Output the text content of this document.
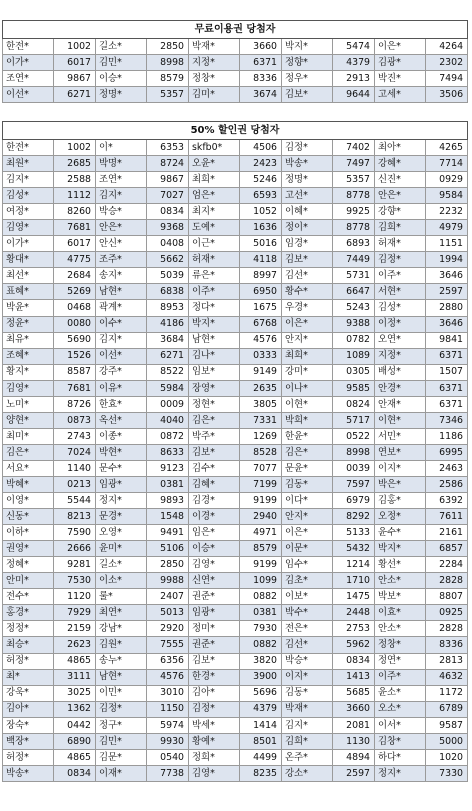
무료이용권 당첨자									
한전*	1002	길소*	2850	박재*	3660	박지*	5474	이은*	4264
이가*	6017	김민*	8998	지정*	6371	정향*	4379	김광*	2302
조연*	9867	이승*	8579	정창*	8336	정우*	2913	박진*	7494
이선*	6271	정명*	5357	김미*	3674	김보*	9644	고세*	3506
50% 할인권 당첨자									
한전*	1002	이*	6353	skfb0*	4506	김정*	7402	최아*	4265
최원*	2685	박명*	8724	오윤*	2423	박송*	7497	강혜*	7714
김지*	2588	조연*	9867	최희*	5246	정명*	5357	신진*	0929
김성*	1112	김지*	7027	엄은*	6593	고선*	8778	안은*	9584
여정*	8260	박승*	0834	최지*	1052	이혜*	9925	강향*	2232
김영*	7681	안은*	9368	도예*	1636	정이*	8778	김희*	4979
이가*	6017	안신*	0408	이근*	5016	임경*	6893	허재*	1151
황대*	4775	조주*	5662	허재*	4118	김보*	7449	김정*	1994
최선*	2684	송지*	5039	류은*	8997	김선*	5731	이주*	3646
표혜*	5269	남현*	6838	이주*	6950	황수*	6647	서현*	2597
박윤*	0468	곽계*	8953	정다*	1675	우경*	5243	김성*	2880
정윤*	0080	이수*	4186	박지*	6768	이은*	9388	이정*	3646
최유*	5690	김지*	3684	남현*	4576	안지*	0782	오연*	9841
조혜*	1526	이선*	6271	김나*	0333	최희*	1089	지정*	6371
황지*	8587	강주*	8522	임보*	9149	강미*	0305	배성*	1507
김영*	7681	이유*	5984	장영*	2635	이나*	9585	안경*	6371
노미*	8726	한효*	0009	정현*	3805	이현*	0824	안재*	6371
양현*	0873	옥선*	4040	김은*	7331	박희*	5717	이현*	7346
최미*	2743	이종*	0872	박주*	1269	한윤*	0522	서민*	1186
김은*	7024	박현*	8633	김보*	8528	김은*	8998	연보*	6995
서요*	1140	문수*	9123	김수*	7077	문윤*	0039	이지*	2463
박혜*	0213	임광*	0381	김혜*	7199	김동*	7597	박은*	2586
이영*	5544	정지*	9893	김경*	9199	이다*	6979	김홍*	6392
신동*	8213	문경*	1548	이경*	2940	안지*	8292	오정*	7611
이하*	7590	오영*	9491	임은*	4971	이은*	5133	윤수*	2161
권영*	2666	윤미*	5106	이승*	8579	이문*	5432	박지*	6857
정혜*	9281	길소*	2850	김영*	9199	임수*	1214	황선*	2284
안미*	7530	이소*	9988	신연*	1099	김초*	1710	안소*	2828
전수*	1120	룰*	2407	권준*	0882	이보*	1475	박보*	8807
홍경*	7929	최연*	5013	임광*	0381	박수*	2448	이효*	0925
정정*	2159	강남*	2920	정미*	7930	전은*	2753	안소*	2828
최승*	2623	김원*	7555	권준*	0882	김선*	5962	정창*	8336
허정*	4865	송누*	6356	김보*	3820	박승*	0834	정연*	2813
최*	3111	남현*	4576	한경*	3900	이지*	1413	이주*	4632
강욱*	3025	이민*	3010	김아*	5696	김동*	5685	윤소*	1172
김아*	1362	김정*	1150	김정*	4379	박재*	3660	오소*	6789
장숙*	0442	정구*	5974	박세*	1414	김지*	2081	이서*	9587
백장*	6890	김민*	9930	황예*	8501	김희*	1130	김창*	5000
허정*	4865	김문*	0540	정희*	4499	온주*	4894	하다*	1020
박송*	0834	이재*	7738	김영*	8235	강소*	2597	정지*	7330
